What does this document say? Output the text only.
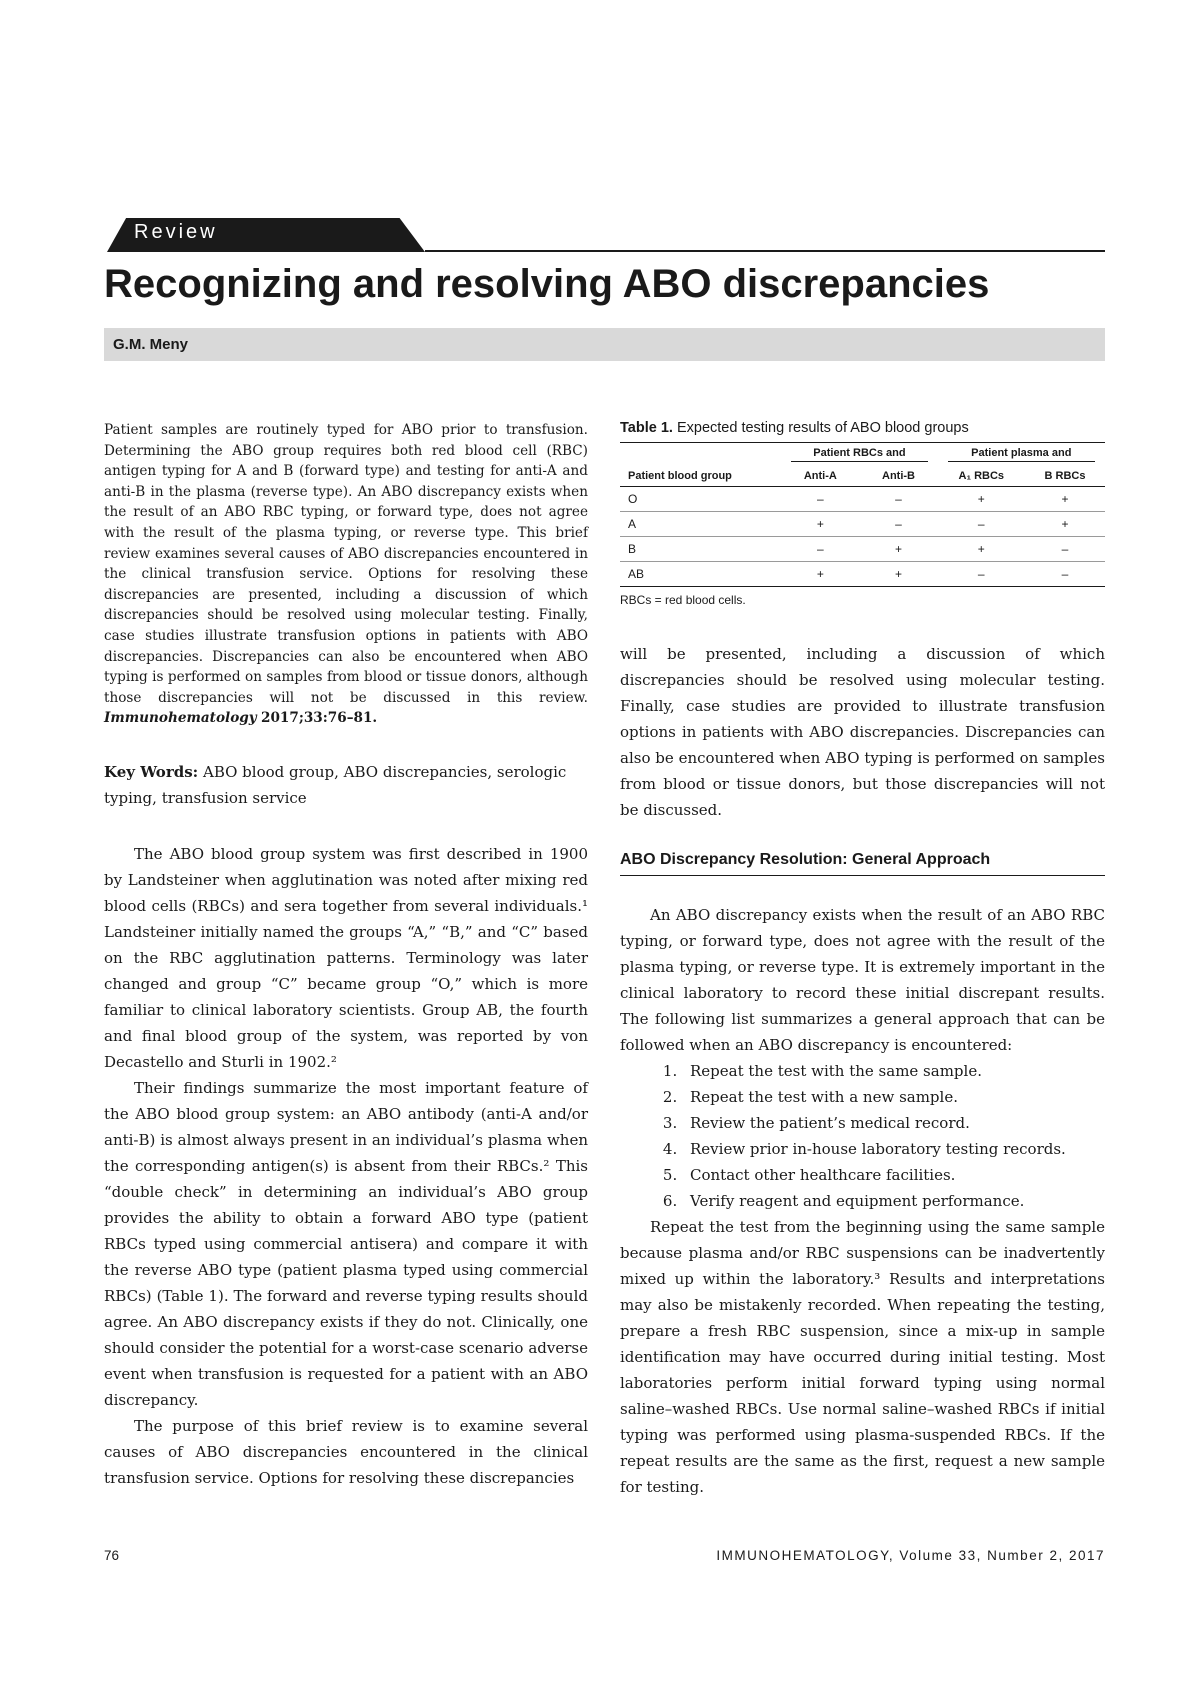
Review
Recognizing and resolving ABO discrepancies
G.M. Meny

Patient samples are routinely typed for ABO prior to transfusion. Determining the ABO group requires both red blood cell (RBC) antigen typing for A and B (forward type) and testing for anti-A and anti-B in the plasma (reverse type). An ABO discrepancy exists when the result of an ABO RBC typing, or forward type, does not agree with the result of the plasma typing, or reverse type. This brief review examines several causes of ABO discrepancies encountered in the clinical transfusion service. Options for resolving these discrepancies are presented, including a discussion of which discrepancies should be resolved using molecular testing. Finally, case studies illustrate transfusion options in patients with ABO discrepancies. Discrepancies can also be encountered when ABO typing is performed on samples from blood or tissue donors, although those discrepancies will not be discussed in this review. Immunohematology 2017;33:76–81.

Key Words: ABO blood group, ABO discrepancies, serologic typing, transfusion service

The ABO blood group system was first described in 1900 by Landsteiner when agglutination was noted after mixing red blood cells (RBCs) and sera together from several individuals.¹ Landsteiner initially named the groups “A,” “B,” and “C” based on the RBC agglutination patterns. Terminology was later changed and group “C” became group “O,” which is more familiar to clinical laboratory scientists. Group AB, the fourth and final blood group of the system, was reported by von Decastello and Sturli in 1902.²

Their findings summarize the most important feature of the ABO blood group system: an ABO antibody (anti-A and/or anti-B) is almost always present in an individual’s plasma when the corresponding antigen(s) is absent from their RBCs.² This “double check” in determining an individual’s ABO group provides the ability to obtain a forward ABO type (patient RBCs typed using commercial antisera) and compare it with the reverse ABO type (patient plasma typed using commercial RBCs) (Table 1). The forward and reverse typing results should agree. An ABO discrepancy exists if they do not. Clinically, one should consider the potential for a worst-case scenario adverse event when transfusion is requested for a patient with an ABO discrepancy.

The purpose of this brief review is to examine several causes of ABO discrepancies encountered in the clinical transfusion service. Options for resolving these discrepancies

Table 1. Expected testing results of ABO blood groups

	Patient RBCs and		Patient plasma and	

Patient blood group	Anti-A	Anti-B	A₁ RBCs	B RBCs
O	–	–	+	+
A	+	–	–	+
B	–	+	+	–
AB	+	+	–	–

RBCs = red blood cells.

will be presented, including a discussion of which discrepancies should be resolved using molecular testing. Finally, case studies are provided to illustrate transfusion options in patients with ABO discrepancies. Discrepancies can also be encountered when ABO typing is performed on samples from blood or tissue donors, but those discrepancies will not be discussed.

ABO Discrepancy Resolution: General Approach

An ABO discrepancy exists when the result of an ABO RBC typing, or forward type, does not agree with the result of the plasma typing, or reverse type. It is extremely important in the clinical laboratory to record these initial discrepant results. The following list summarizes a general approach that can be followed when an ABO discrepancy is encountered:

1. Repeat the test with the same sample.
2. Repeat the test with a new sample.
3. Review the patient’s medical record.
4. Review prior in-house laboratory testing records.
5. Contact other healthcare facilities.
6. Verify reagent and equipment performance.

Repeat the test from the beginning using the same sample because plasma and/or RBC suspensions can be inadvertently mixed up within the laboratory.³ Results and interpretations may also be mistakenly recorded. When repeating the testing, prepare a fresh RBC suspension, since a mix-up in sample identification may have occurred during initial testing. Most laboratories perform initial forward typing using normal saline–washed RBCs. Use normal saline–washed RBCs if initial typing was performed using plasma-suspended RBCs. If the repeat results are the same as the first, request a new sample for testing.

76	IMMUNOHEMATOLOGY, Volume 33, Number 2, 2017
